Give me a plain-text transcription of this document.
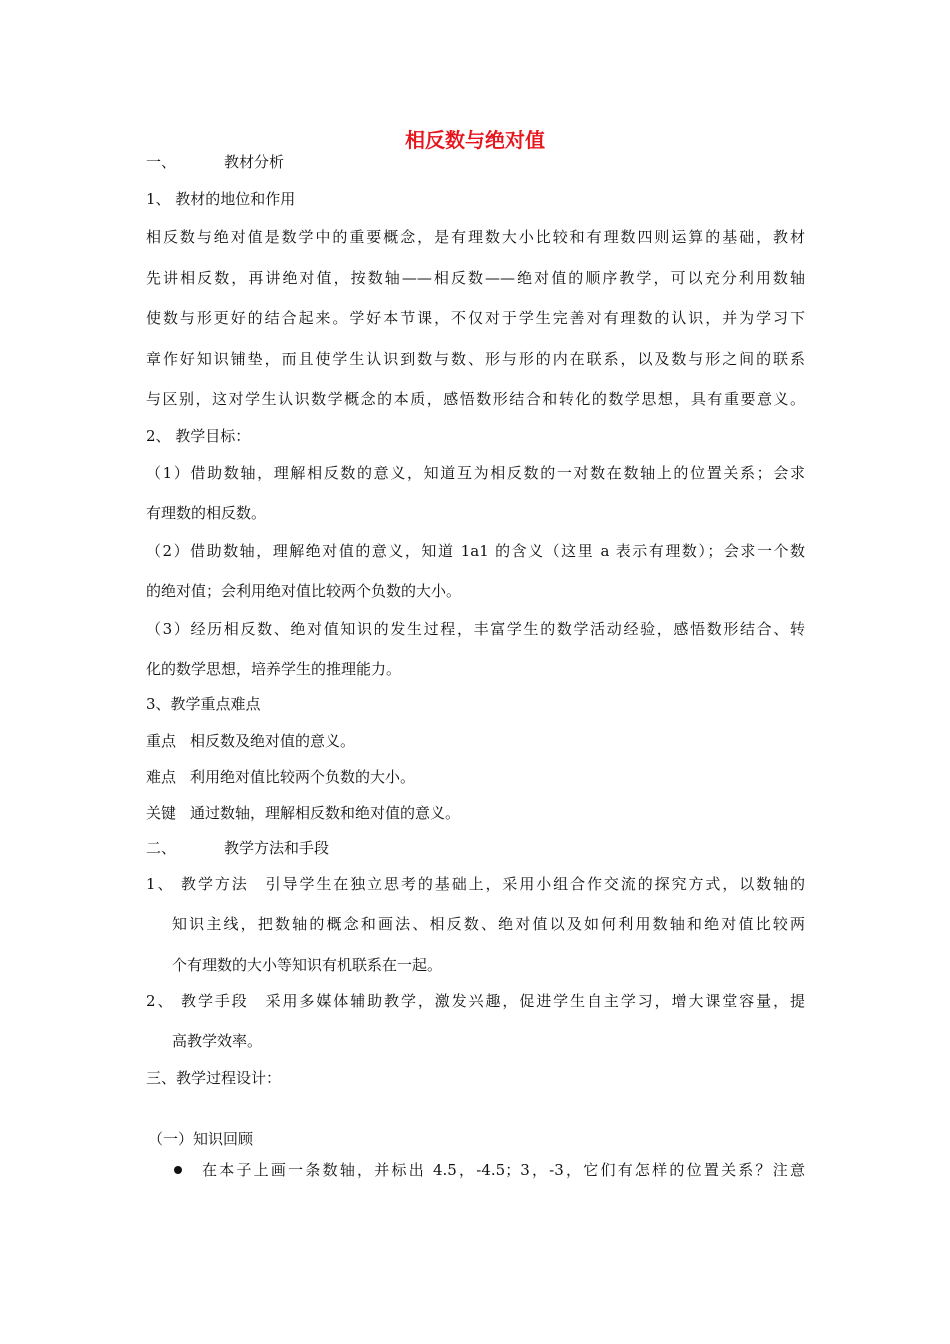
相反数与绝对值
一、	教材分析
1、 教材的地位和作用
相反数与绝对值是数学中的重要概念，是有理数大小比较和有理数四则运算的基础，教材
先讲相反数，再讲绝对值，按数轴——相反数——绝对值的顺序教学，可以充分利用数轴
使数与形更好的结合起来。学好本节课，不仅对于学生完善对有理数的认识，并为学习下
章作好知识铺垫，而且使学生认识到数与数、形与形的内在联系，以及数与形之间的联系
与区别，这对学生认识数学概念的本质，感悟数形结合和转化的数学思想，具有重要意义。
2、 教学目标：
（1）借助数轴，理解相反数的意义，知道互为相反数的一对数在数轴上的位置关系；会求
有理数的相反数。
（2）借助数轴，理解绝对值的意义，知道 1a1 的含义（这里 a 表示有理数）；会求一个数
的绝对值；会利用绝对值比较两个负数的大小。
（3）经历相反数、绝对值知识的发生过程，丰富学生的数学活动经验，感悟数形结合、转
化的数学思想，培养学生的推理能力。
3、教学重点难点
重点 相反数及绝对值的意义。
难点 利用绝对值比较两个负数的大小。
关键 通过数轴，理解相反数和绝对值的意义。
二、	教学方法和手段
1、 教学方法　引导学生在独立思考的基础上，采用小组合作交流的探究方式，以数轴的
知识主线，把数轴的概念和画法、相反数、绝对值以及如何利用数轴和绝对值比较两
个有理数的大小等知识有机联系在一起。
2、 教学手段　采用多媒体辅助教学，激发兴趣，促进学生自主学习，增大课堂容量，提
高教学效率。
三、教学过程设计：
（一）知识回顾
在本子上画一条数轴，并标出 4.5，-4.5；3，-3，它们有怎样的位置关系？注意
